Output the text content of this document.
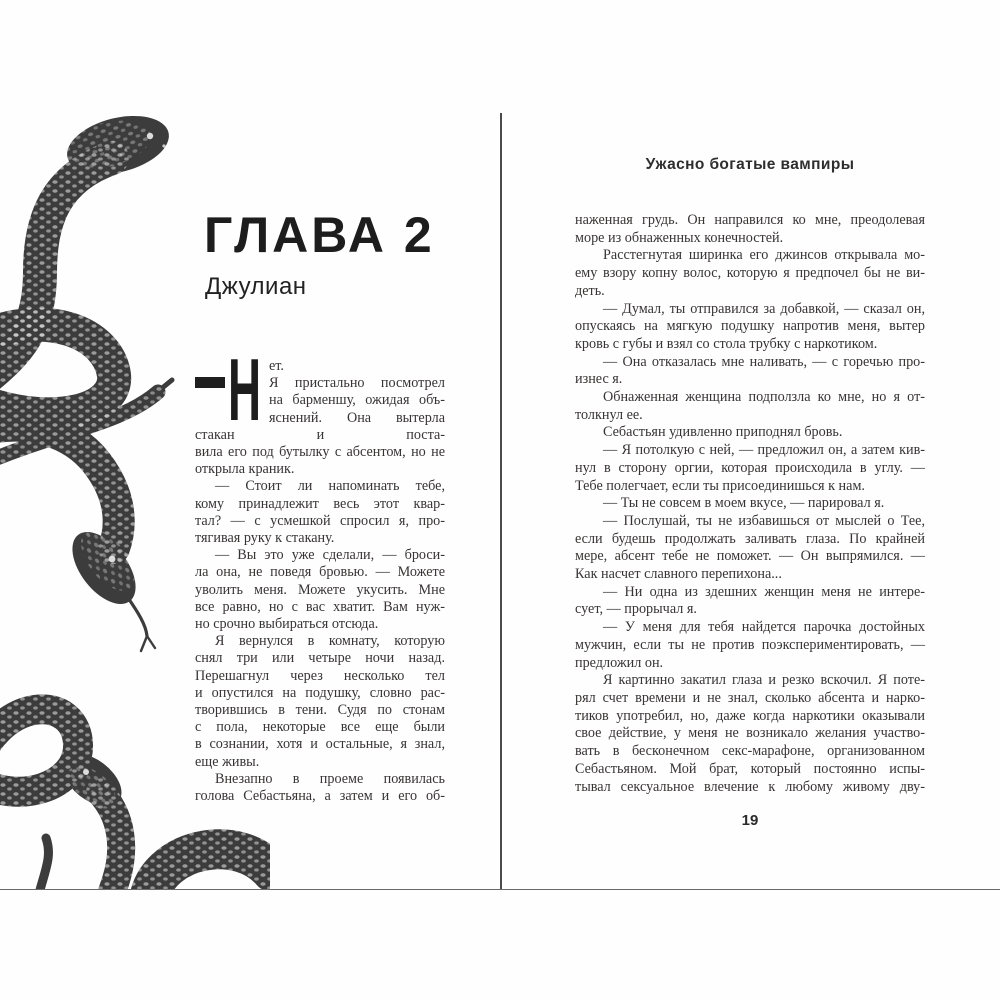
ГЛАВА 2
Джулиан
Н ет.
Я пристально посмотрел
на барменшу, ожидая объ-
яснений. Она вытерла стакан и поста-
вила его под бутылку с абсентом, но не
открыла краник.
— Стоит ли напоминать тебе,
кому принадлежит весь этот квар-
тал? — с усмешкой спросил я, про-
тягивая руку к стакану.
— Вы это уже сделали, — броси-
ла она, не поведя бровью. — Можете
уволить меня. Можете укусить. Мне
все равно, но с вас хватит. Вам нуж-
но срочно выбираться отсюда.
Я вернулся в комнату, которую
снял три или четыре ночи назад.
Перешагнул через несколько тел
и опустился на подушку, словно рас-
творившись в тени. Судя по стонам
с пола, некоторые все еще были
в сознании, хотя и остальные, я знал,
еще живы.
Внезапно в проеме появилась
голова Себастьяна, а затем и его об-
Ужасно богатые вампиры
наженная грудь. Он направился ко мне, преодолевая
море из обнаженных конечностей.
Расстегнутая ширинка его джинсов открывала мо-
ему взору копну волос, которую я предпочел бы не ви-
деть.
— Думал, ты отправился за добавкой, — сказал он,
опускаясь на мягкую подушку напротив меня, вытер
кровь с губы и взял со стола трубку с наркотиком.
— Она отказалась мне наливать, — с горечью про-
изнес я.
Обнаженная женщина подползла ко мне, но я от-
толкнул ее.
Себастьян удивленно приподнял бровь.
— Я потолкую с ней, — предложил он, а затем кив-
нул в сторону оргии, которая происходила в углу. —
Тебе полегчает, если ты присоединишься к нам.
— Ты не совсем в моем вкусе, — парировал я.
— Послушай, ты не избавишься от мыслей о Тее,
если будешь продолжать заливать глаза. По крайней
мере, абсент тебе не поможет. — Он выпрямился. —
Как насчет славного перепихона...
— Ни одна из здешних женщин меня не интере-
сует, — прорычал я.
— У меня для тебя найдется парочка достойных
мужчин, если ты не против поэкспериментировать, —
предложил он.
Я картинно закатил глаза и резко вскочил. Я поте-
рял счет времени и не знал, сколько абсента и нарко-
тиков употребил, но, даже когда наркотики оказывали
свое действие, у меня не возникало желания участво-
вать в бесконечном секс-марафоне, организованном
Себастьяном. Мой брат, который постоянно испы-
тывал сексуальное влечение к любому живому дву-
19
